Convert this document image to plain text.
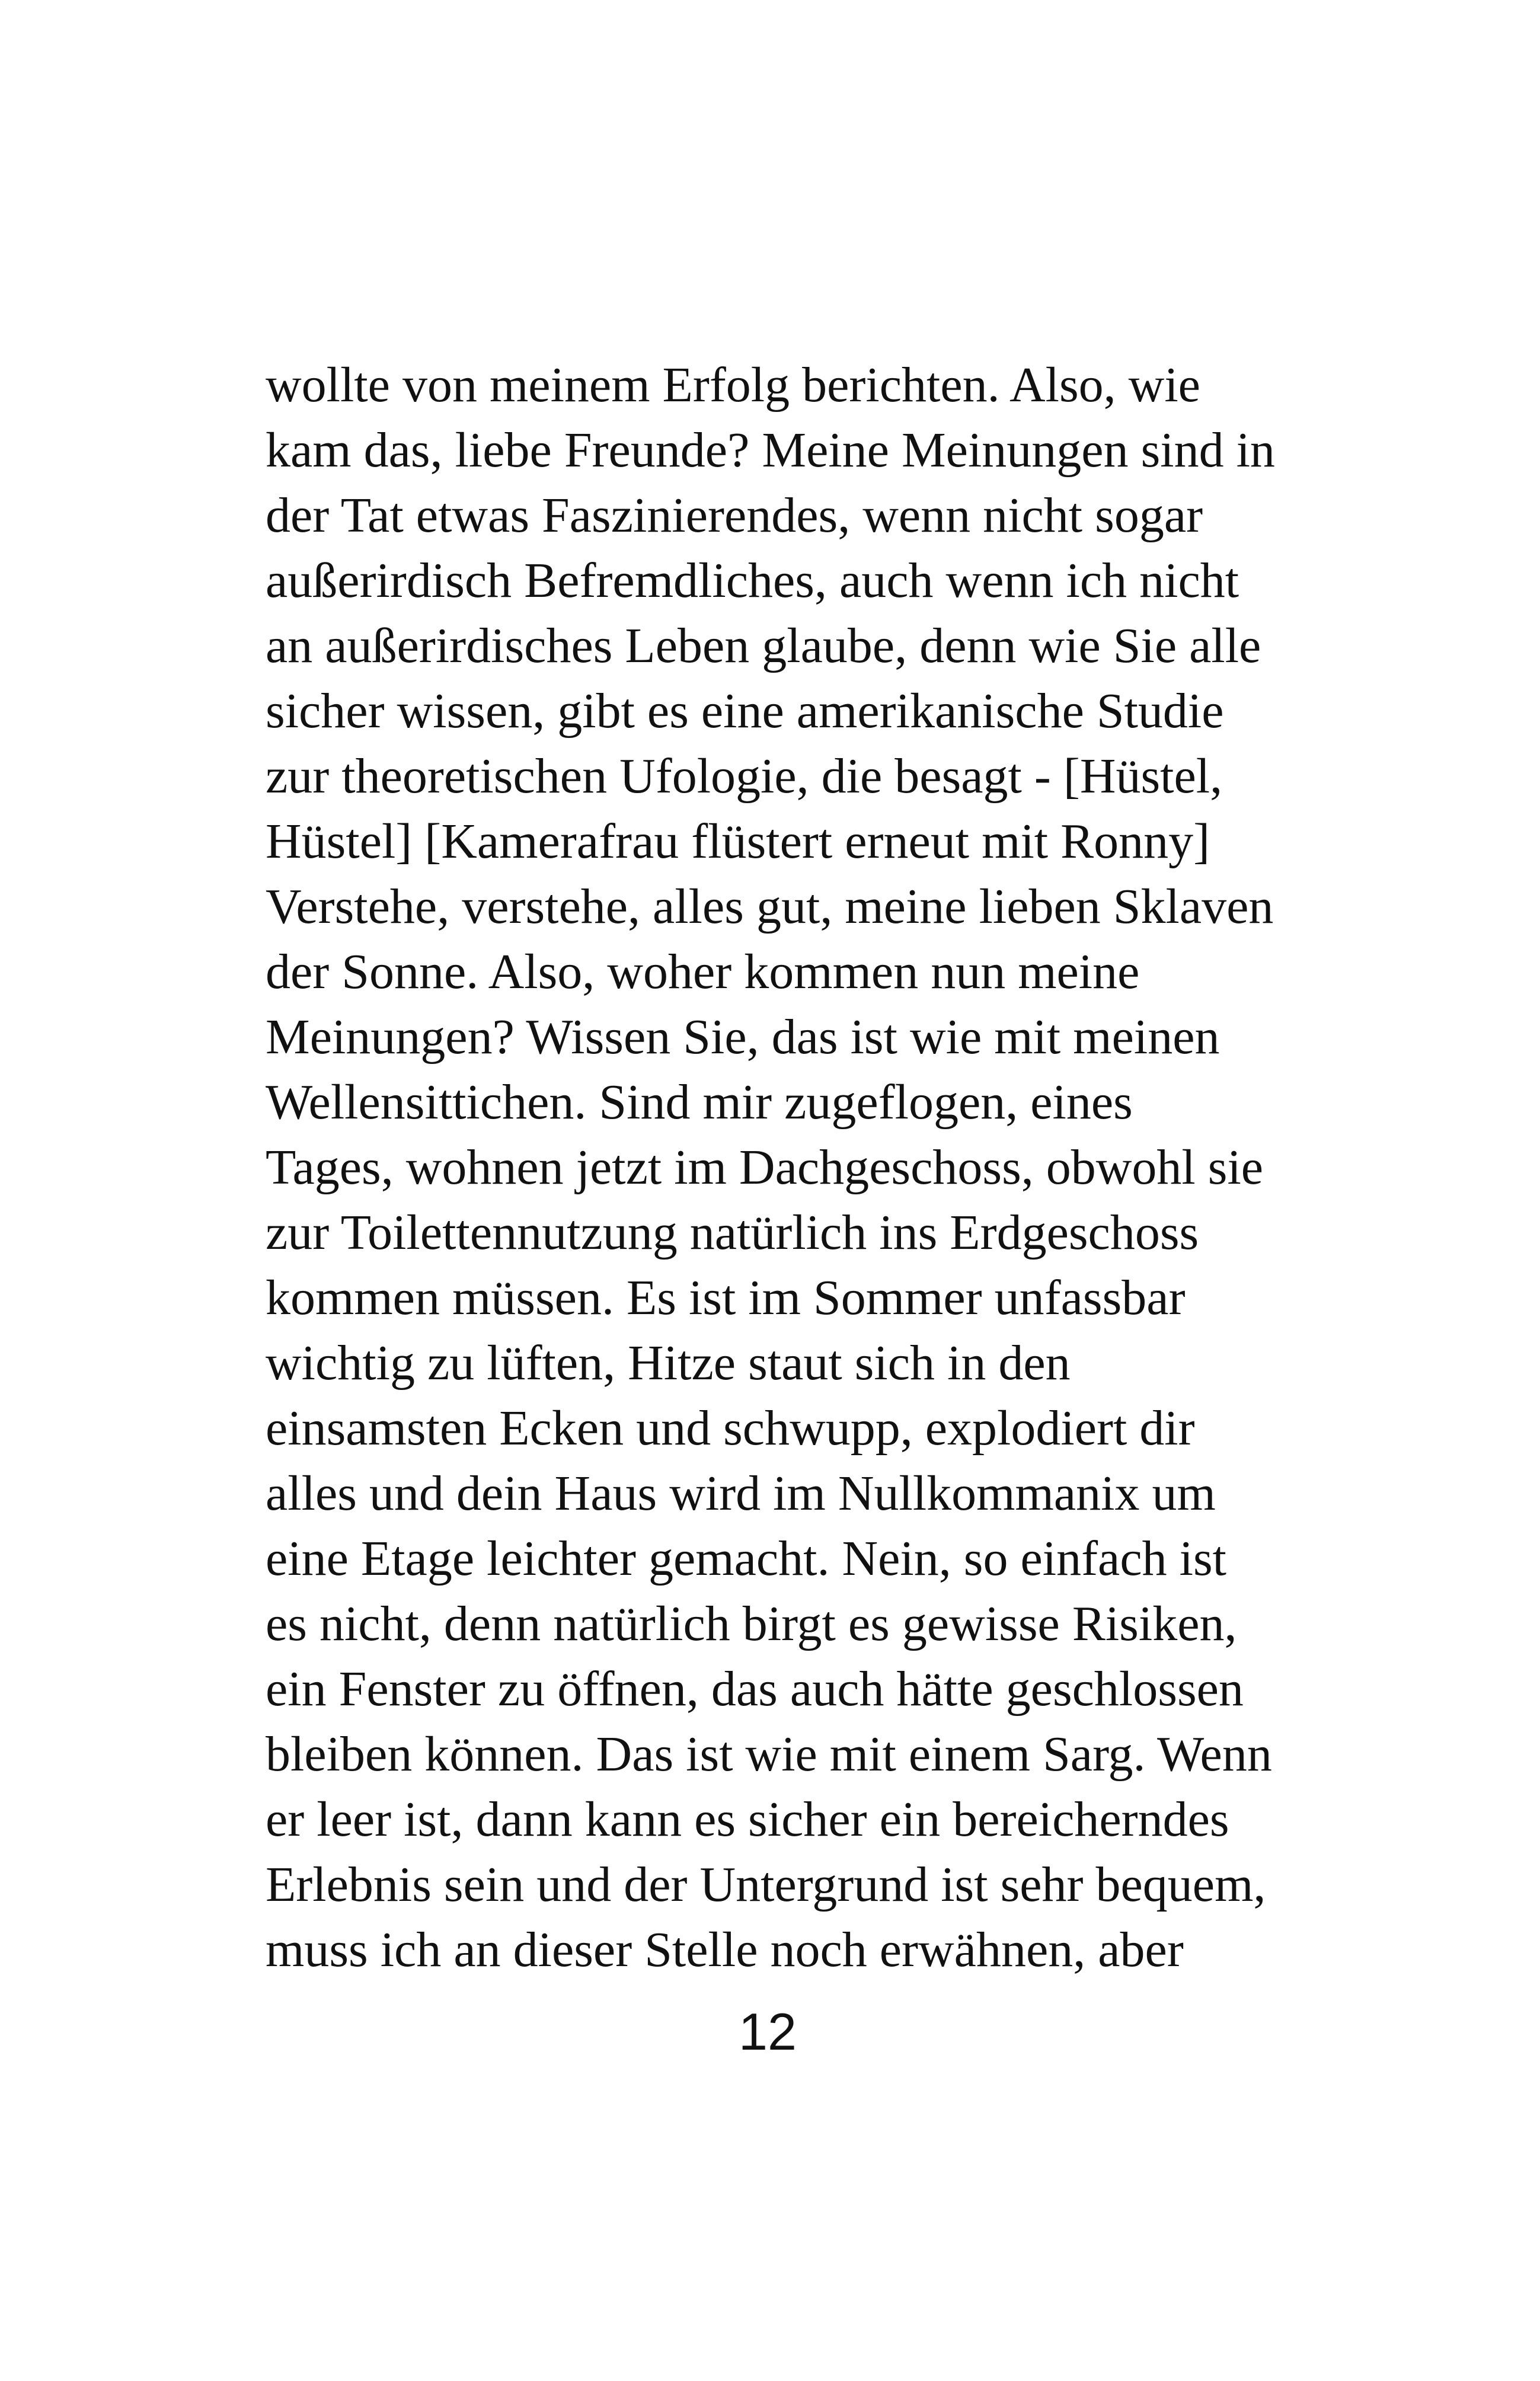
wollte von meinem Erfolg berichten. Also, wie
kam das, liebe Freunde? Meine Meinungen sind in
der Tat etwas Faszinierendes, wenn nicht sogar
außerirdisch Befremdliches, auch wenn ich nicht
an außerirdisches Leben glaube, denn wie Sie alle
sicher wissen, gibt es eine amerikanische Studie
zur theoretischen Ufologie, die besagt - [Hüstel,
Hüstel] [Kamerafrau flüstert erneut mit Ronny]
Verstehe, verstehe, alles gut, meine lieben Sklaven
der Sonne. Also, woher kommen nun meine
Meinungen? Wissen Sie, das ist wie mit meinen
Wellensittichen. Sind mir zugeflogen, eines
Tages, wohnen jetzt im Dachgeschoss, obwohl sie
zur Toilettennutzung natürlich ins Erdgeschoss
kommen müssen. Es ist im Sommer unfassbar
wichtig zu lüften, Hitze staut sich in den
einsamsten Ecken und schwupp, explodiert dir
alles und dein Haus wird im Nullkommanix um
eine Etage leichter gemacht. Nein, so einfach ist
es nicht, denn natürlich birgt es gewisse Risiken,
ein Fenster zu öffnen, das auch hätte geschlossen
bleiben können. Das ist wie mit einem Sarg. Wenn
er leer ist, dann kann es sicher ein bereicherndes
Erlebnis sein und der Untergrund ist sehr bequem,
muss ich an dieser Stelle noch erwähnen, aber
12
